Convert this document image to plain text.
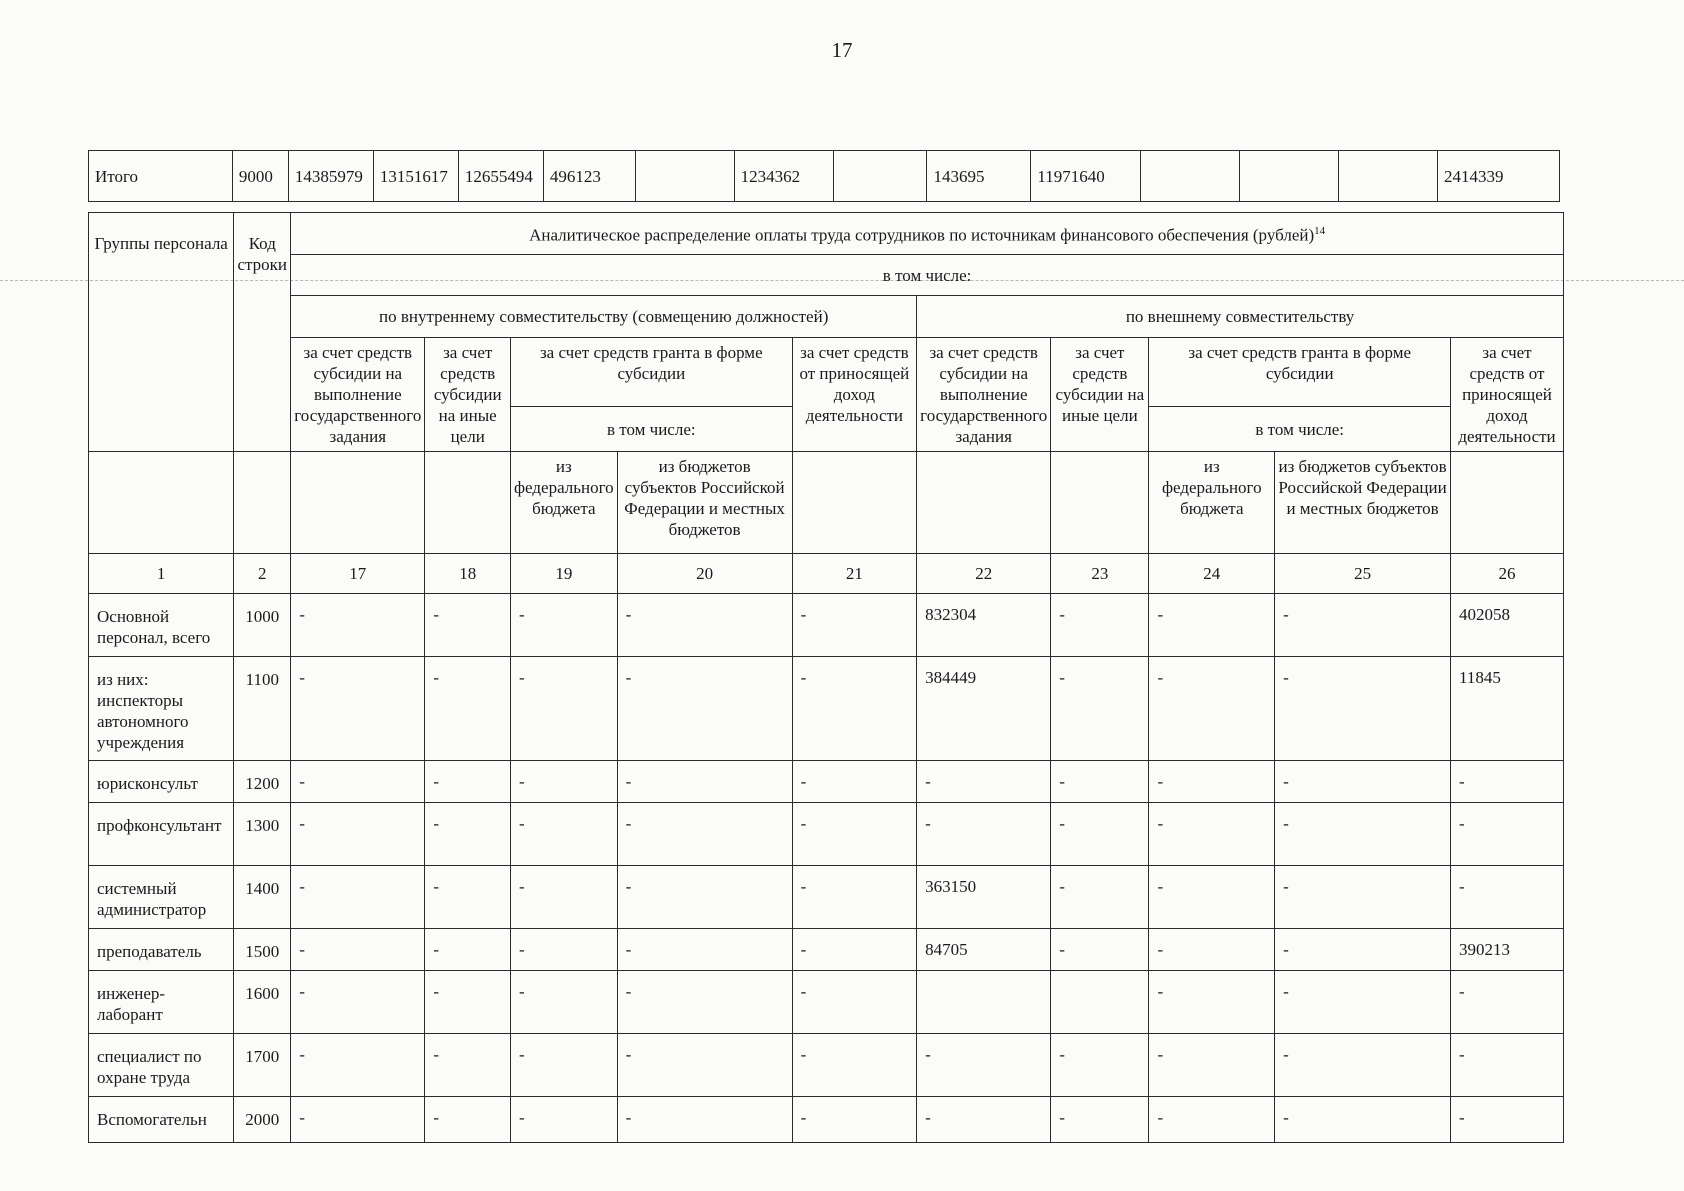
17
Итого	9000	14385979	13151617	12655494	496123		1234362		143695	11971640				2414339
Группы персонала	Код строки	Аналитическое распределение оплаты труда сотрудников по источникам финансового обеспечения (рублей)$^{14}$
		в том числе:									
		по внутреннему совместительству (совмещению должностей)					по внешнему совместительству				
		за счет средств субсидии на выполнение государственного задания	за счет средств субсидии на иные цели	за счет средств гранта в форме субсидии		за счет средств от приносящей доход деятельности	за счет средств субсидии на выполнение государственного задания	за счет средств субсидии на иные цели	за счет средств гранта в форме субсидии		за счет средств от приносящей доход деятельности
				в том числе:					в том числе:		
				из федерального бюджета	из бюджетов субъектов Российской Федерации и местных бюджетов				из федерального бюджета	из бюджетов субъектов Российской Федерации и местных бюджетов	
1	2	17	18	19	20	21	22	23	24	25	26
Основной персонал, всего	1000	-	-	-	-	-	832304	-	-	-	402058
из них: инспекторы автономного учреждения	1100	-	-	-	-	-	384449	-	-	-	11845
юрисконсульт	1200	-	-	-	-	-	-	-	-	-	-
профконсультант	1300	-	-	-	-	-	-	-	-	-	-
системный администратор	1400	-	-	-	-	-	363150	-	-	-	-
преподаватель	1500	-	-	-	-	-	84705	-	-	-	390213
инженер-лаборант	1600	-	-	-	-	-			-	-	-
специалист по охране труда	1700	-	-	-	-	-	-	-	-	-	-
Вспомогательн	2000	-	-	-	-	-	-	-	-	-	-
